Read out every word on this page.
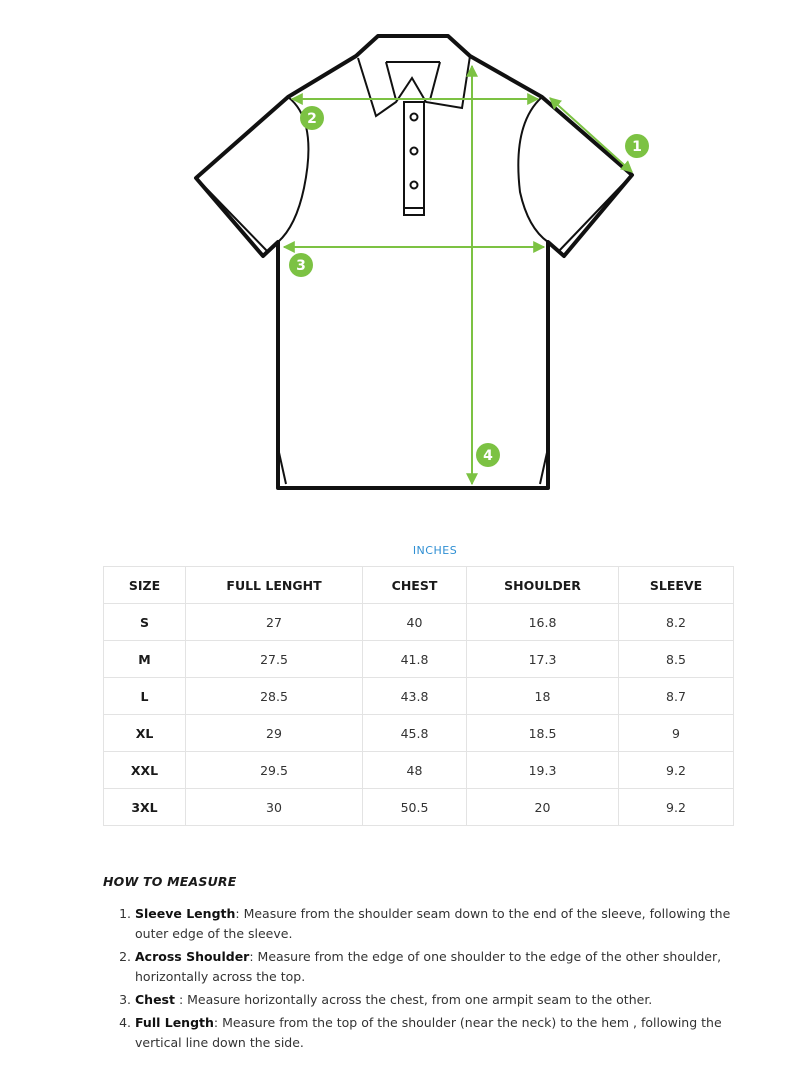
1
2
3
4
INCHES
SIZE	FULL LENGHT	CHEST	SHOULDER	SLEEVE
S	27	40	16.8	8.2
M	27.5	41.8	17.3	8.5
L	28.5	43.8	18	8.7
XL	29	45.8	18.5	9
XXL	29.5	48	19.3	9.2
3XL	30	50.5	20	9.2
HOW TO MEASURE
1. Sleeve Length: Measure from the shoulder seam down to the end of the sleeve, following the outer edge of the sleeve.
2. Across Shoulder: Measure from the edge of one shoulder to the edge of the other shoulder, horizontally across the top.
3. Chest : Measure horizontally across the chest, from one armpit seam to the other.
4. Full Length: Measure from the top of the shoulder (near the neck) to the hem , following the vertical line down the side.
